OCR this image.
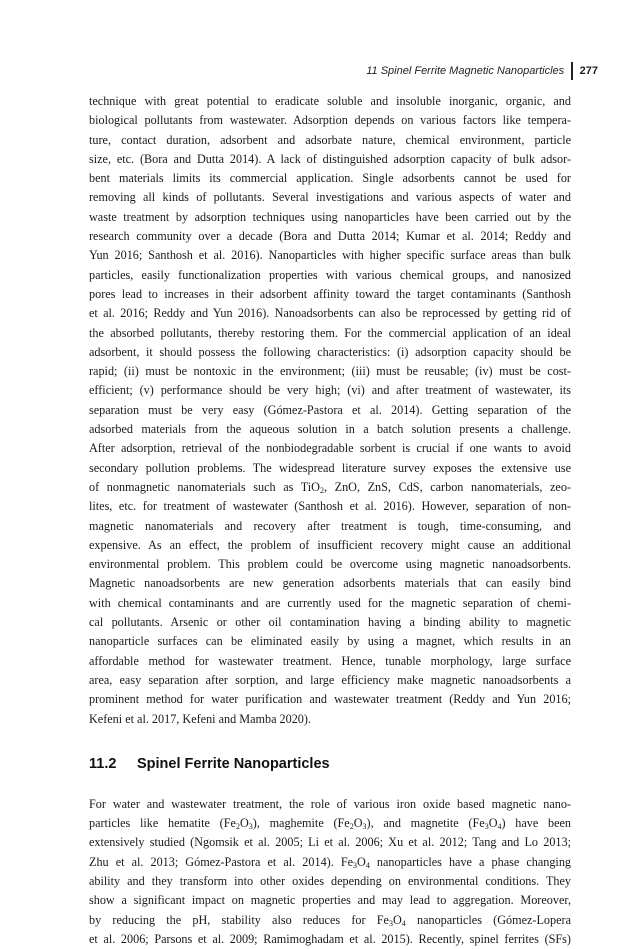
11 Spinel Ferrite Magnetic Nanoparticles	277
technique with great potential to eradicate soluble and insoluble inorganic, organic, and
biological pollutants from wastewater. Adsorption depends on various factors like tempera-
ture, contact duration, adsorbent and adsorbate nature, chemical environment, particle
size, etc. (Bora and Dutta 2014). A lack of distinguished adsorption capacity of bulk adsor-
bent materials limits its commercial application. Single adsorbents cannot be used for
removing all kinds of pollutants. Several investigations and various aspects of water and
waste treatment by adsorption techniques using nanoparticles have been carried out by the
research community over a decade (Bora and Dutta 2014; Kumar et al. 2014; Reddy and
Yun 2016; Santhosh et al. 2016). Nanoparticles with higher specific surface areas than bulk
particles, easily functionalization properties with various chemical groups, and nanosized
pores lead to increases in their adsorbent affinity toward the target contaminants (Santhosh
et al. 2016; Reddy and Yun 2016). Nanoadsorbents can also be reprocessed by getting rid of
the absorbed pollutants, thereby restoring them. For the commercial application of an ideal
adsorbent, it should possess the following characteristics: (i) adsorption capacity should be
rapid; (ii) must be nontoxic in the environment; (iii) must be reusable; (iv) must be cost-
efficient; (v) performance should be very high; (vi) and after treatment of wastewater, its
separation must be very easy (Gómez-Pastora et al. 2014). Getting separation of the
adsorbed materials from the aqueous solution in a batch solution presents a challenge.
After adsorption, retrieval of the nonbiodegradable sorbent is crucial if one wants to avoid
secondary pollution problems. The widespread literature survey exposes the extensive use
of nonmagnetic nanomaterials such as TiO$_2$, ZnO, ZnS, CdS, carbon nanomaterials, zeo-
lites, etc. for treatment of wastewater (Santhosh et al. 2016). However, separation of non-
magnetic nanomaterials and recovery after treatment is tough, time-consuming, and
expensive. As an effect, the problem of insufficient recovery might cause an additional
environmental problem. This problem could be overcome using magnetic nanoadsorbents.
Magnetic nanoadsorbents are new generation adsorbents materials that can easily bind
with chemical contaminants and are currently used for the magnetic separation of chemi-
cal pollutants. Arsenic or other oil contamination having a binding ability to magnetic
nanoparticle surfaces can be eliminated easily by using a magnet, which results in an
affordable method for wastewater treatment. Hence, tunable morphology, large surface
area, easy separation after sorption, and large efficiency make magnetic nanoadsorbents a
prominent method for water purification and wastewater treatment (Reddy and Yun 2016;
Kefeni et al. 2017, Kefeni and Mamba 2020).
11.2	Spinel Ferrite Nanoparticles
For water and wastewater treatment, the role of various iron oxide based magnetic nano-
particles like hematite $(Fe_2O_3)$, maghemite $(Fe_2O_3)$, and magnetite $(Fe_3O_4)$ have been
extensively studied (Ngomsik et al. 2005; Li et al. 2006; Xu et al. 2012; Tang and Lo 2013;
Zhu et al. 2013; Gómez-Pastora et al. 2014). $Fe_3O_4$ nanoparticles have a phase changing
ability and they transform into other oxides depending on environmental conditions. They
show a significant impact on magnetic properties and may lead to aggregation. Moreover,
by reducing the pH, stability also reduces for $Fe_3O_4$ nanoparticles (Gómez-Lopera
et al. 2006; Parsons et al. 2009; Ramimoghadam et al. 2015). Recently, spinel ferrites (SFs)
